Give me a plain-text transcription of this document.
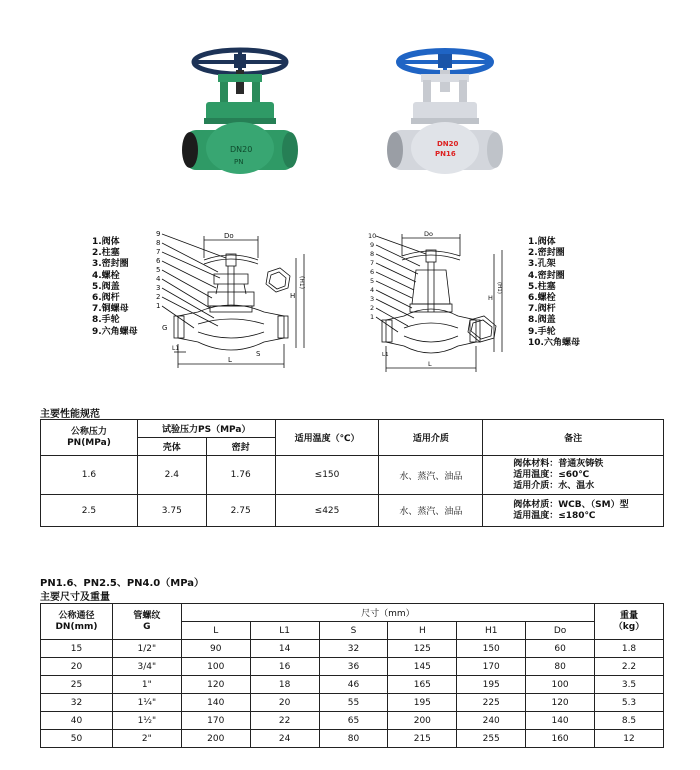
DN20
PN
DN20
PN16
1.阀体
2.柱塞
3.密封圈
4.螺栓
5.阀盖
6.阀杆
7.铜螺母
8.手轮
9.六角螺母
1.阀体
2.密封圈
3.孔架
4.密封圈
5.柱塞
6.螺栓
7.阀杆
8.阀盖
9.手轮
10.六角螺母
9
8
7
6
5
4
3
2
1
Do
H
(H1)
G
S
L
L1
10
9
8
7
6
5
4
3
2
1
Do
H
(H1)
L
L1
主要性能规范
公称压力
PN(MPa)	试验压力PS（MPa）		适用温度（℃）	适用介质	备注
	壳体	密封			
1.6	2.4	1.76	≤150	水、蒸汽、油品	阀体材料：普通灰铸铁
适用温度：≤60℃
适用介质：水、温水

2.5	3.75	2.75	≤425	水、蒸汽、油品	阀体材质：WCB、（SM）型
适用温度：≤180℃
PN1.6、PN2.5、PN4.0（MPa）
主要尺寸及重量
公称通径
DN(mm)	管螺纹
G	尺寸（mm）						重量
（kg）
		L	L1	S	H	H1	Do	
15	1/2"	90	14	32	125	150	60	1.8
20	3/4"	100	16	36	145	170	80	2.2
25	1"	120	18	46	165	195	100	3.5
32	1¼"	140	20	55	195	225	120	5.3
40	1½"	170	22	65	200	240	140	8.5
50	2"	200	24	80	215	255	160	12
